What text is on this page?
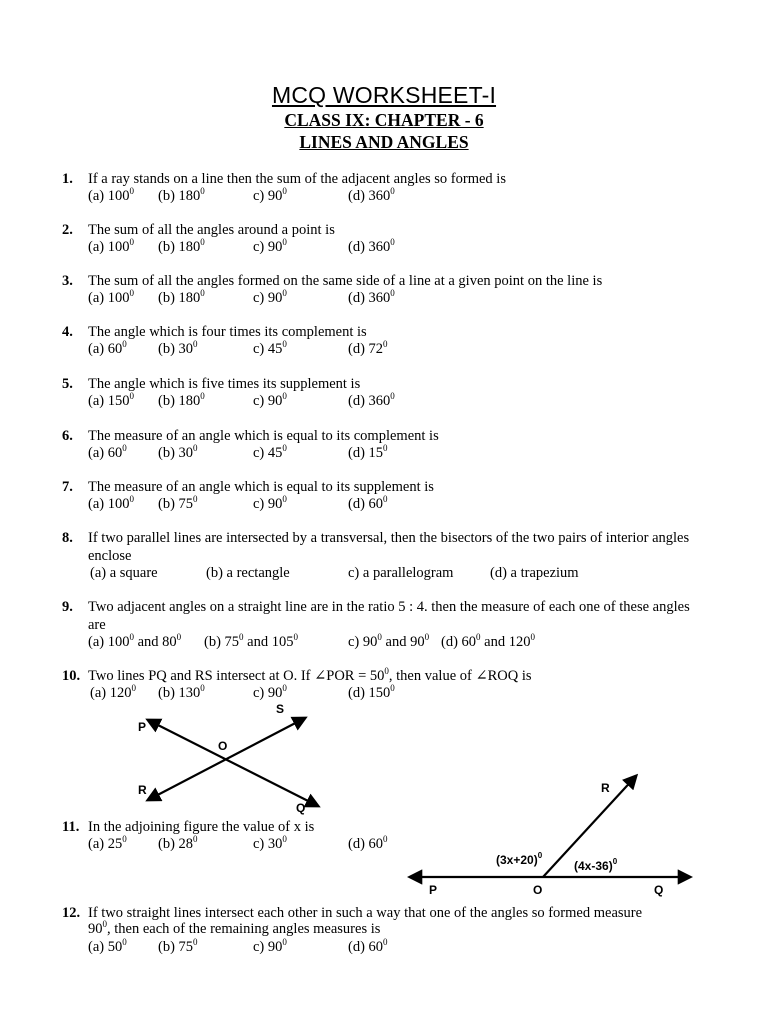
MCQ WORKSHEET-I
CLASS IX: CHAPTER - 6
LINES AND ANGLES
1. If a ray stands on a line then the sum of the adjacent angles so formed is
(a) $100^0$ (b) $180^0$	c) $90^0$	(d) $360^0$
2. The sum of all the angles around a point is
(a) $100^0$ (b) $180^0$	c) $90^0$	(d) $360^0$
3. The sum of all the angles formed on the same side of a line at a given point on the line is
(a) $100^0$ (b) $180^0$	c) $90^0$	(d) $360^0$
4. The angle which is four times its complement is
(a) $60^0$ (b) $30^0$	c) $45^0$	(d) $72^0$
5. The angle which is five times its supplement is
(a) $150^0$ (b) $180^0$	c) $90^0$	(d) $360^0$
6. The measure of an angle which is equal to its complement is
(a) $60^0$ (b) $30^0$	c) $45^0$	(d) $15^0$
7. The measure of an angle which is equal to its supplement is
(a) $100^0$ (b) $75^0$	c) $90^0$	(d) $60^0$
8. If two parallel lines are intersected by a transversal, then the bisectors of the two pairs of interior angles enclose
(a) a square	(b) a rectangle	c) a parallelogram	(d) a trapezium
9. Two adjacent angles on a straight line are in the ratio 5 : 4. then the measure of each one of these angles are
(a) $100^0$ and $80^0$ (b) $75^0$ and $105^0$	c) $90^0$ and $90^0$ (d) $60^0$ and $120^0$
10. Two lines PQ and RS intersect at O. If ∠POR = $50^0$, then value of ∠ROQ is
(a) $120^0$ (b) $130^0$	c) $90^0$	(d) $150^0$
P
S
O
R
Q
11. In the adjoining figure the value of x is
(a) $25^0$ (b) $28^0$	c) $30^0$	(d) $60^0$
R
$(3x+20)^0$
$(4x-36)^0$
P	O	Q
12. If two straight lines intersect each other in such a way that one of the angles so formed measure
$90^0$, then each of the remaining angles measures is
(a) $50^0$ (b) $75^0$	c) $90^0$	(d) $60^0$
